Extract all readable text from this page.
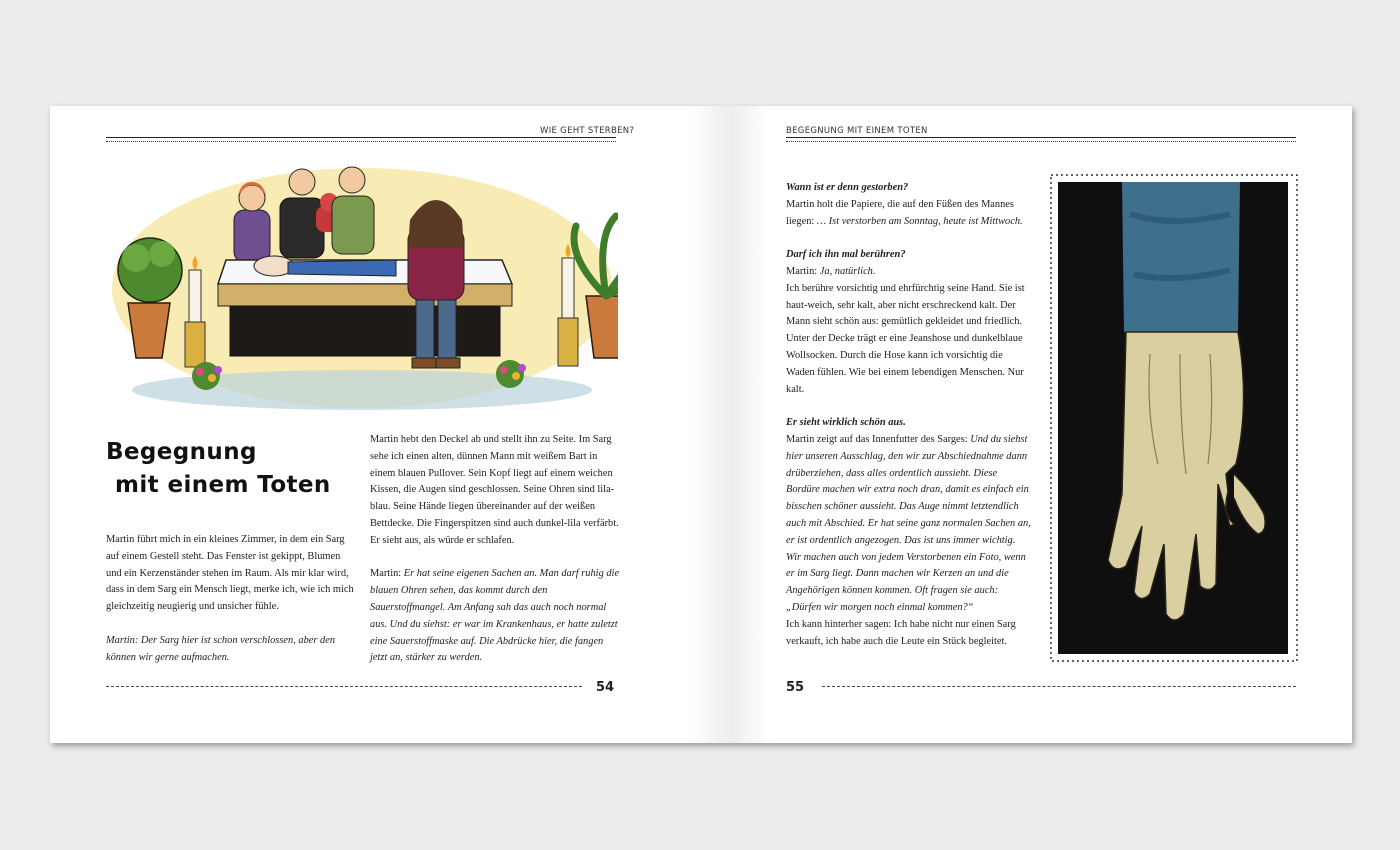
WIE GEHT STERBEN?
Begegnung
mit einem Toten

Martin führt mich in ein kleines Zimmer, in dem ein Sarg auf einem Gestell steht. Das Fenster ist gekippt, Blumen und ein Kerzenständer stehen im Raum. Als mir klar wird, dass in dem Sarg ein Mensch liegt, merke ich, wie ich mich gleichzeitig neugierig und unsicher fühle.

Martin: Der Sarg hier ist schon verschlossen, aber den können wir gerne aufmachen.

Martin hebt den Deckel ab und stellt ihn zu Seite. Im Sarg sehe ich einen alten, dünnen Mann mit weißem Bart in einem blauen Pullover. Sein Kopf liegt auf einem weichen Kissen, die Augen sind geschlossen. Seine Ohren sind lila-blau. Seine Hände liegen übereinander auf der weißen Bettdecke. Die Fingerspitzen sind auch dunkel-lila verfärbt. Er sieht aus, als würde er schlafen.

Martin: Er hat seine eigenen Sachen an. Man darf ruhig die blauen Ohren sehen, das kommt durch den Sauerstoffmangel. Am Anfang sah das auch noch normal aus. Und du siehst: er war im Krankenhaus, er hatte zuletzt eine Sauerstoffmaske auf. Die Abdrücke hier, die fangen jetzt an, stärker zu werden.

54
BEGEGNUNG MIT EINEM TOTEN

Wann ist er denn gestorben?

Martin holt die Papiere, die auf den Füßen des Mannes liegen: … Ist verstorben am Sonntag, heute ist Mittwoch.

Darf ich ihn mal berühren?

Martin: Ja, natürlich.

Ich berühre vorsichtig und ehrfürchtig seine Hand. Sie ist haut-weich, sehr kalt, aber nicht erschreckend kalt. Der Mann sieht schön aus: gemütlich gekleidet und friedlich. Unter der Decke trägt er eine Jeanshose und dunkelblaue Wollsocken. Durch die Hose kann ich vorsichtig die Waden fühlen. Wie bei einem lebendigen Menschen. Nur kalt.

Er sieht wirklich schön aus.

Martin zeigt auf das Innenfutter des Sarges: Und du siehst hier unseren Ausschlag, den wir zur Abschiednahme dann drüberziehen, dass alles ordentlich aussieht. Diese Bordüre machen wir extra noch dran, damit es einfach ein bisschen schöner aussieht. Das Auge nimmt letztendlich auch mit Abschied. Er hat seine ganz normalen Sachen an, er ist ordentlich angezogen. Das ist uns immer wichtig. Wir machen auch von jedem Verstorbenen ein Foto, wenn er im Sarg liegt. Dann machen wir Kerzen an und die Angehörigen können kommen. Oft fragen sie auch: „Dürfen wir morgen noch einmal kommen?“

Ich kann hinterher sagen: Ich habe nicht nur einen Sarg verkauft, ich habe auch die Leute ein Stück begleitet.

55
